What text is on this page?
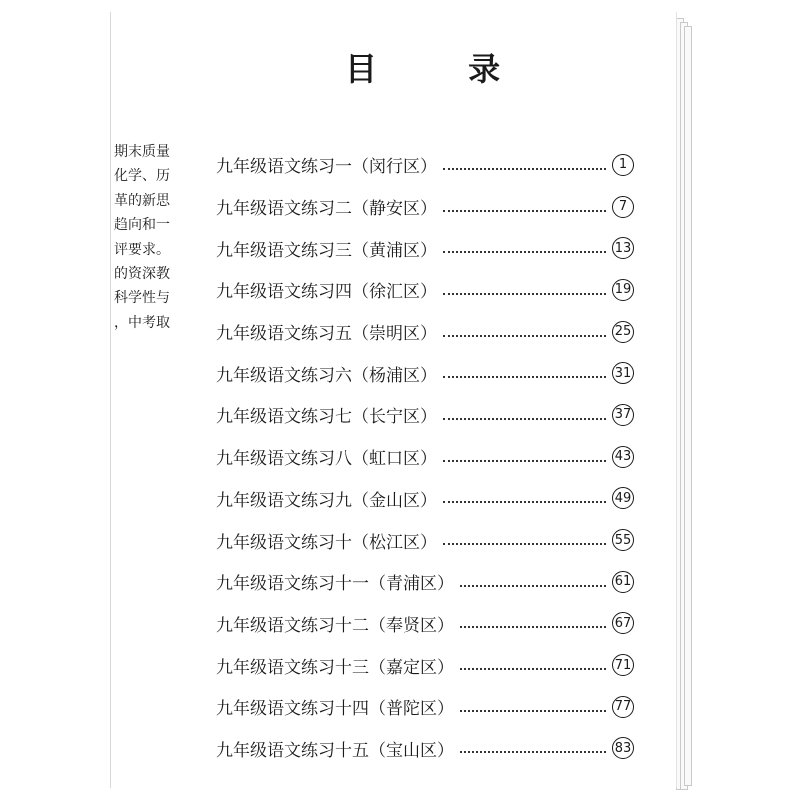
期末质量
化学、历
革的新思
趋向和一
评要求。
的资深教
科学性与
，中考取
目 录
九年级语文练习一（闵行区）	1
九年级语文练习二（静安区）	7
九年级语文练习三（黄浦区）	13
九年级语文练习四（徐汇区）	19
九年级语文练习五（崇明区）	25
九年级语文练习六（杨浦区）	31
九年级语文练习七（长宁区）	37
九年级语文练习八（虹口区）	43
九年级语文练习九（金山区）	49
九年级语文练习十（松江区）	55
九年级语文练习十一（青浦区）	61
九年级语文练习十二（奉贤区）	67
九年级语文练习十三（嘉定区）	71
九年级语文练习十四（普陀区）	77
九年级语文练习十五（宝山区）	83
